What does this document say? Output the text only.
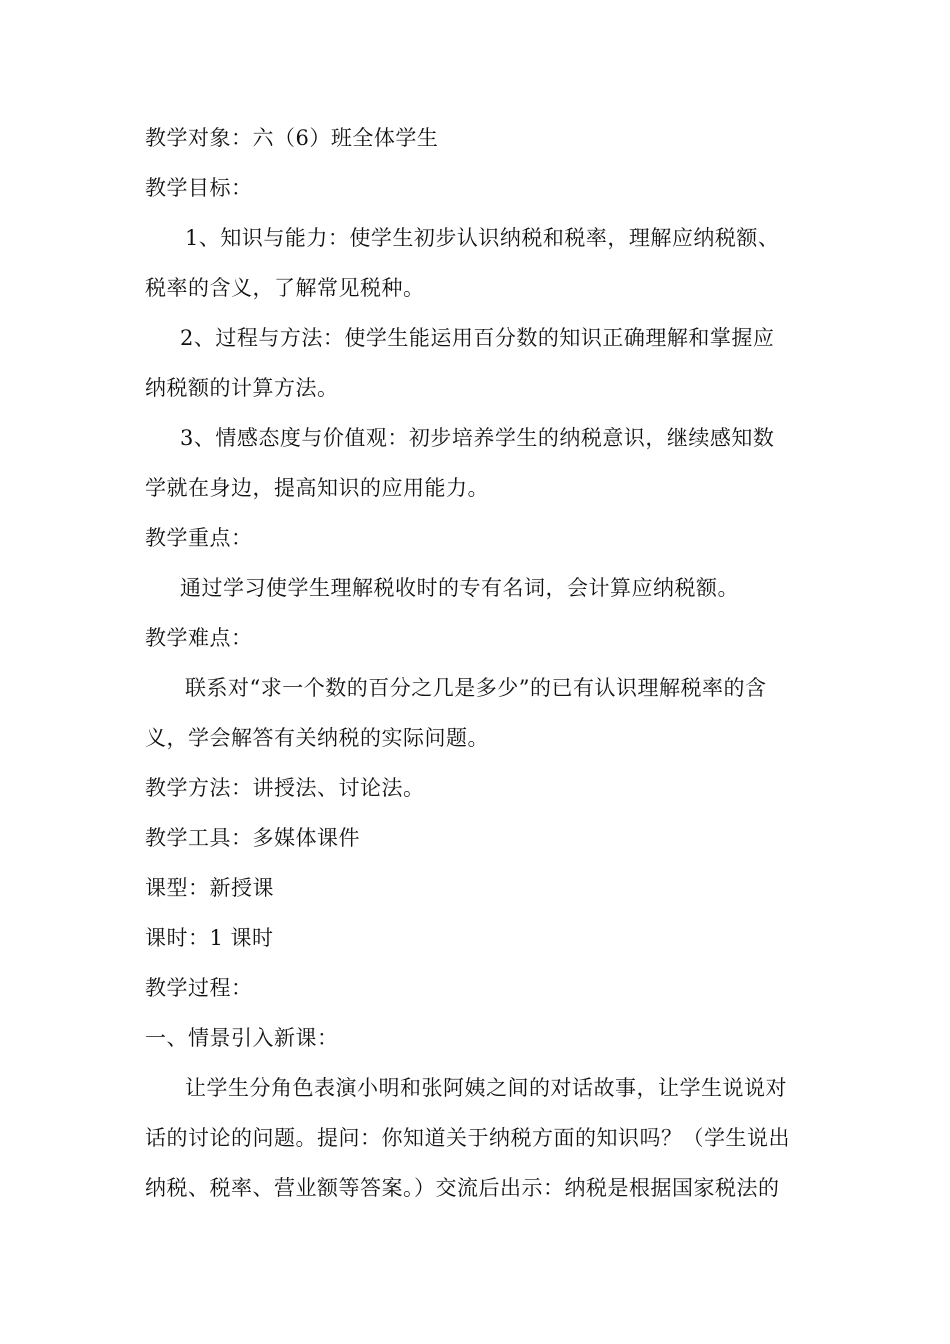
教学对象：六（6）班全体学生
教学目标：
1、知识与能力：使学生初步认识纳税和税率，理解应纳税额、
税率的含义，了解常见税种。
2、过程与方法：使学生能运用百分数的知识正确理解和掌握应
纳税额的计算方法。
3、情感态度与价值观：初步培养学生的纳税意识，继续感知数
学就在身边，提高知识的应用能力。
教学重点：
通过学习使学生理解税收时的专有名词，会计算应纳税额。
教学难点：
联系对“求一个数的百分之几是多少”的已有认识理解税率的含
义，学会解答有关纳税的实际问题。
教学方法：讲授法、讨论法。
教学工具：多媒体课件
课型：新授课
课时：1 课时
教学过程：
一、情景引入新课：
让学生分角色表演小明和张阿姨之间的对话故事，让学生说说对
话的讨论的问题。提问：你知道关于纳税方面的知识吗？（学生说出
纳税、税率、营业额等答案。）交流后出示：纳税是根据国家税法的
